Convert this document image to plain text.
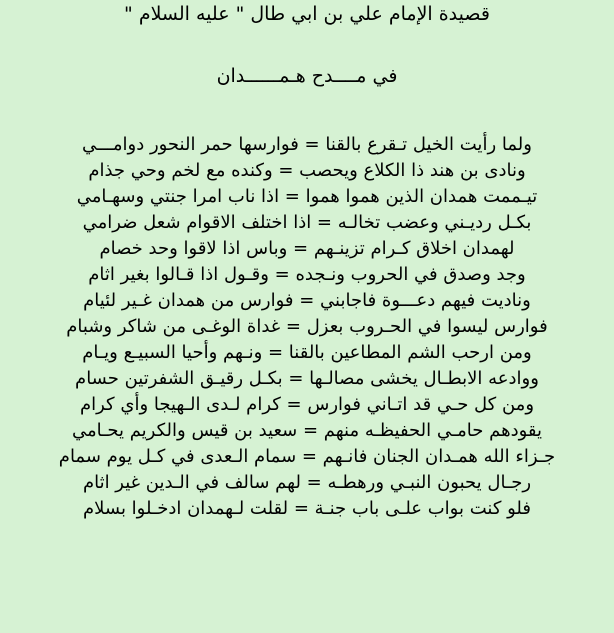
قصيدة الإمام علي بن ابي طال " عليه السلام "
في مــــدح هـمــــــدان
ولما رأيت الخيل تـقرع بالقنا = فوارسها حمر النحور دوامـــي
ونادى بن هند ذا الكلاع ويحصب = وكنده مع لخم وحي جذام
تيـممت همدان الذين هموا هموا = اذا ناب امرا جنتي وسهـامي
بكـل رديـني وعضب تخالـه = اذا اختلف الاقوام شعل ضرامي
لهمدان اخلاق كـرام تزينـهم = وباس اذا لاقوا وحد خصام
وجد وصدق في الحروب ونـجده = وقـول اذا قـالوا بغير اثام
وناديت فيهم دعـــوة فاجابني = فوارس من همدان غـير لئيام
فوارس ليسوا في الحـروب بعزل = غداة الوغـى من شاكر وشبام
ومن ارحب الشم المطاعين بالقنا = ونـهم وأحيا السبيـع ويـام
ووادعه الابطـال يخشى مصالـها = بكـل رقيـق الشفرتين حسام
ومن كل حـي قد اتـاني فوارس = كرام لـدى الـهيجا وأي كرام
يقودهم حامـي الحفيظـه منهم = سعيد بن قيس والكريم يحـامي
جـزاء الله همـدان الجنان فانـهم = سمام الـعدى في كـل يوم سمام
رجـال يحبون النبـي ورهطـه = لهم سالف في الـدين غير اثام
فلو كنت بواب علـى باب جنـة = لقلت لـهمدان ادخـلوا بسلام
